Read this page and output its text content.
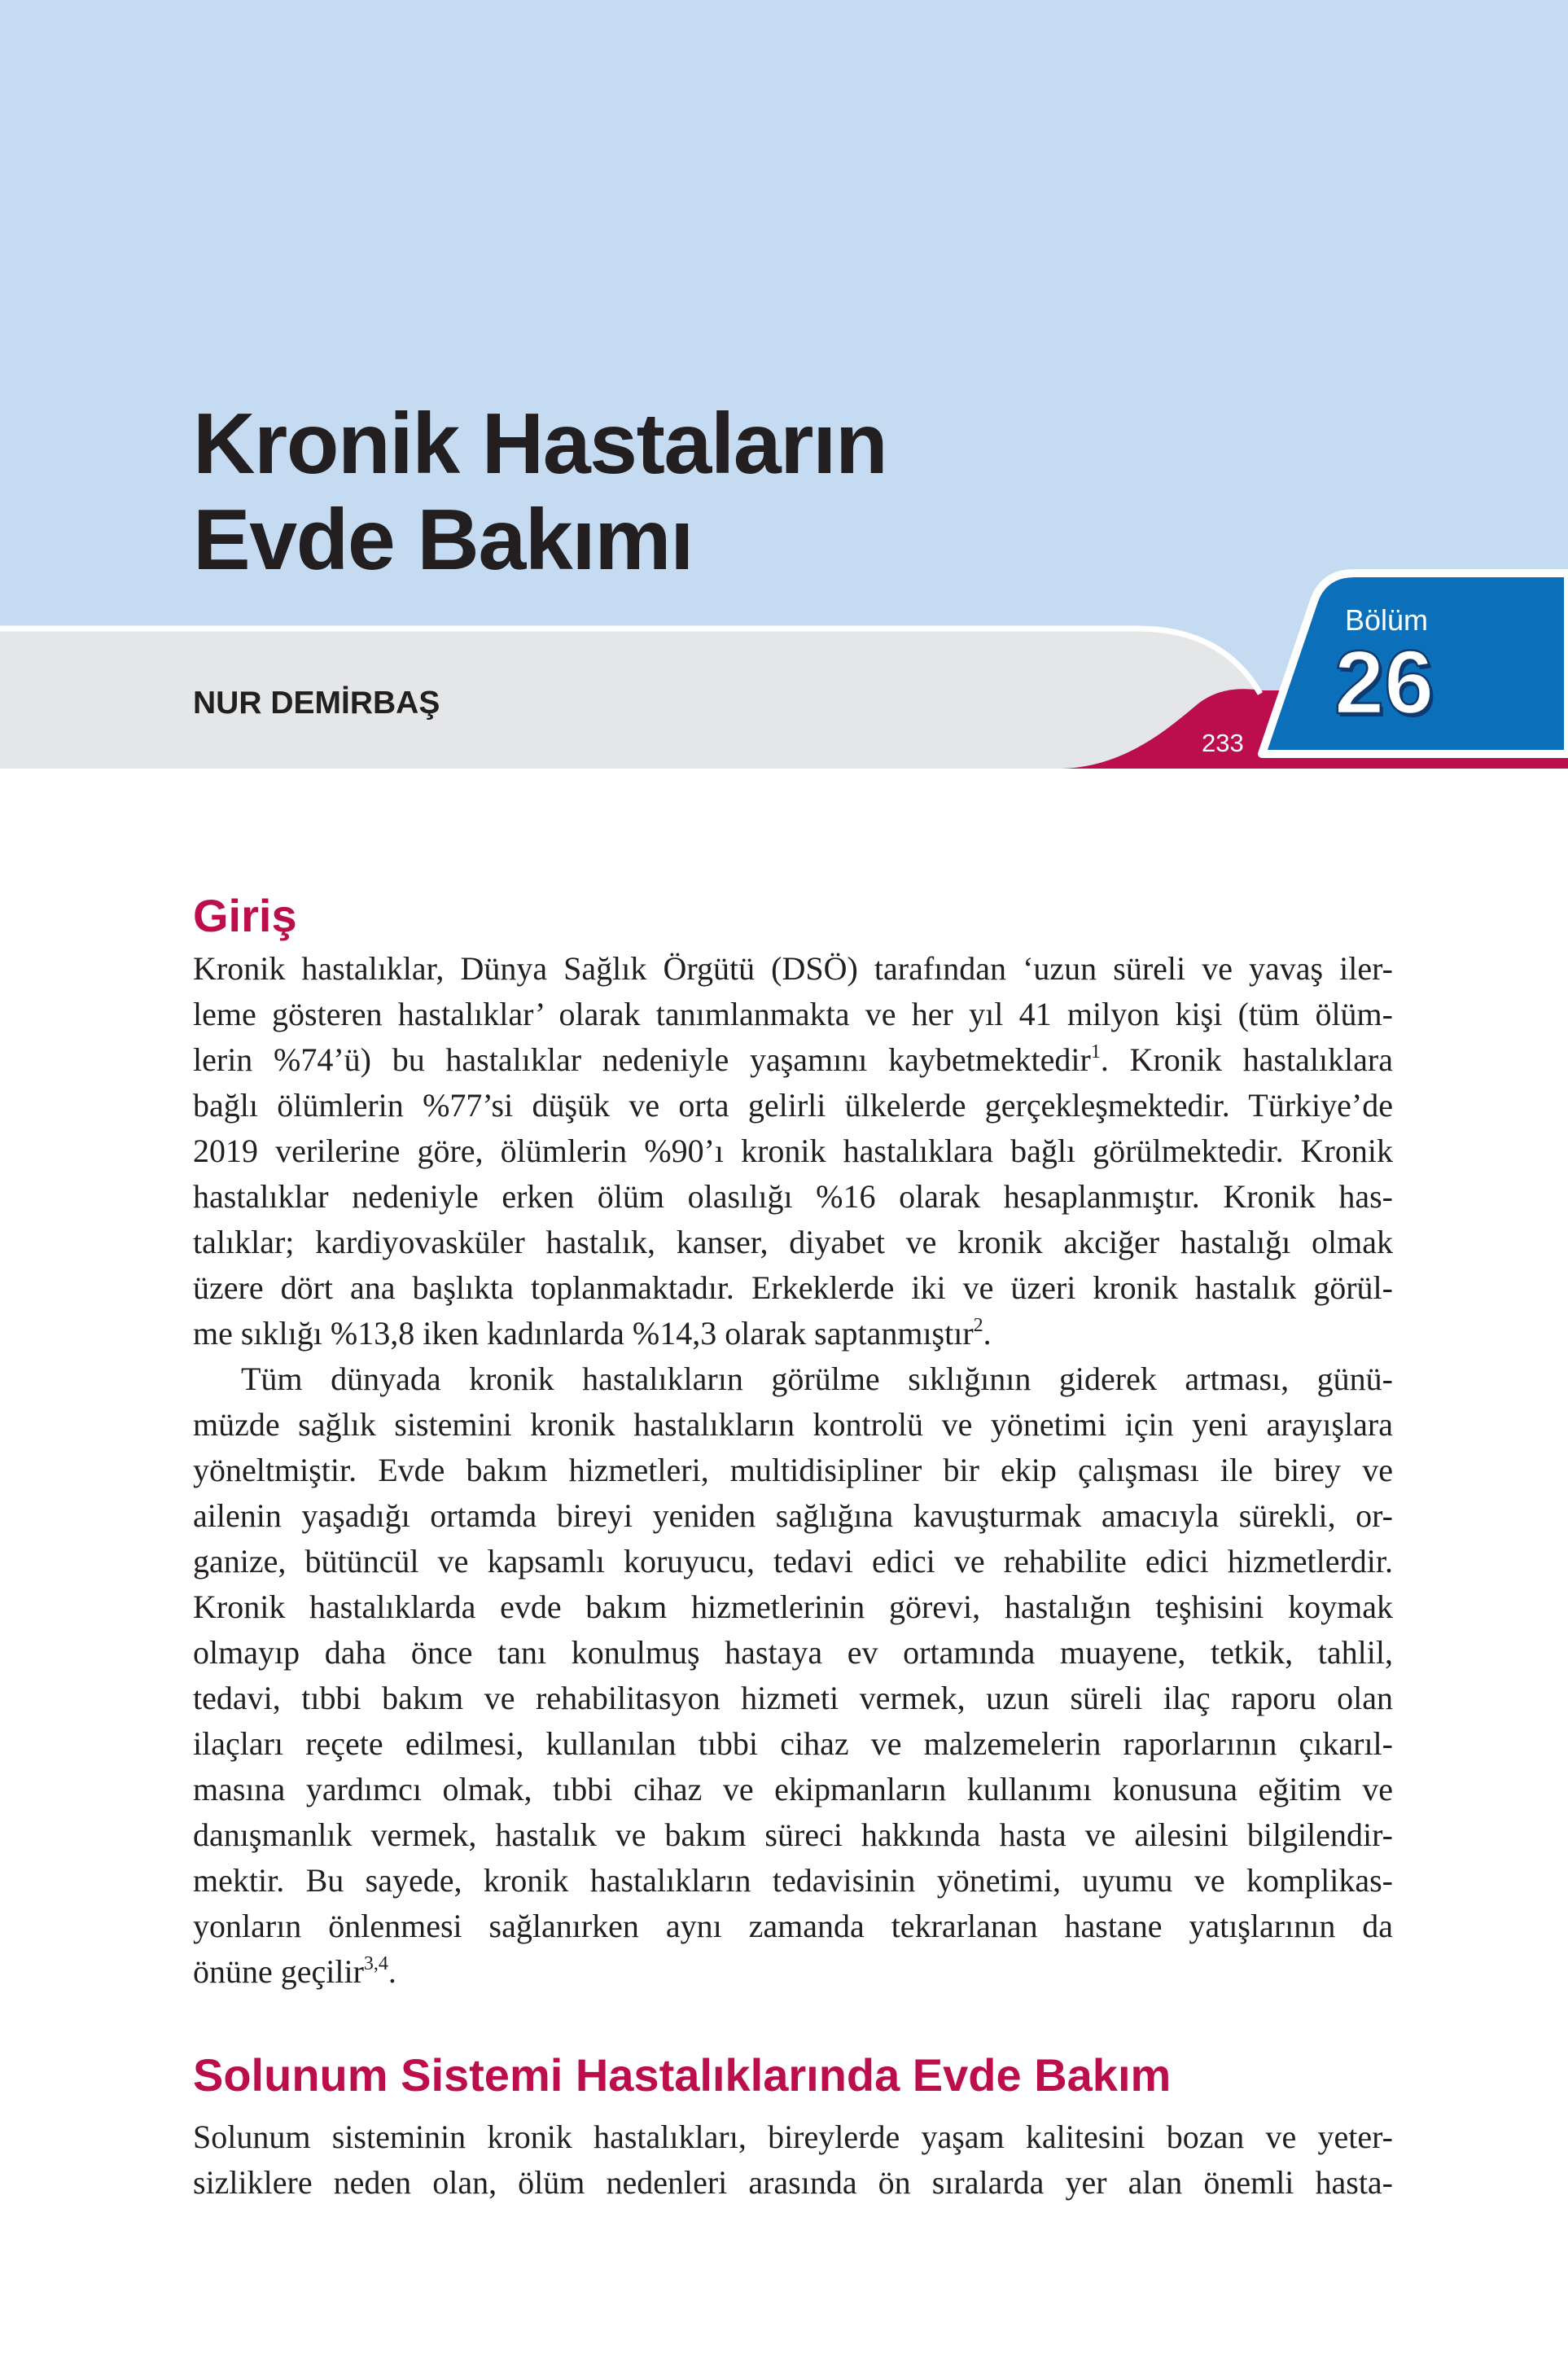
Kronik Hastaların
Evde Bakımı
NUR DEMİRBAŞ
Bölüm
26
233
Giriş
Kronik hastalıklar, Dünya Sağlık Örgütü (DSÖ) tarafından ‘uzun süreli ve yavaş iler-
leme gösteren hastalıklar’ olarak tanımlanmakta ve her yıl 41 milyon kişi (tüm ölüm-
lerin %74’ü) bu hastalıklar nedeniyle yaşamını kaybetmektedir$^1$. Kronik hastalıklara
bağlı ölümlerin %77’si düşük ve orta gelirli ülkelerde gerçekleşmektedir. Türkiye’de
2019 verilerine göre, ölümlerin %90’ı kronik hastalıklara bağlı görülmektedir. Kronik
hastalıklar nedeniyle erken ölüm olasılığı %16 olarak hesaplanmıştır. Kronik has-
talıklar; kardiyovasküler hastalık, kanser, diyabet ve kronik akciğer hastalığı olmak
üzere dört ana başlıkta toplanmaktadır. Erkeklerde iki ve üzeri kronik hastalık görül-
me sıklığı %13,8 iken kadınlarda %14,3 olarak saptanmıştır$^2$.
Tüm dünyada kronik hastalıkların görülme sıklığının giderek artması, günü-
müzde sağlık sistemini kronik hastalıkların kontrolü ve yönetimi için yeni arayışlara
yöneltmiştir. Evde bakım hizmetleri, multidisipliner bir ekip çalışması ile birey ve
ailenin yaşadığı ortamda bireyi yeniden sağlığına kavuşturmak amacıyla sürekli, or-
ganize, bütüncül ve kapsamlı koruyucu, tedavi edici ve rehabilite edici hizmetlerdir.
Kronik hastalıklarda evde bakım hizmetlerinin görevi, hastalığın teşhisini koymak
olmayıp daha önce tanı konulmuş hastaya ev ortamında muayene, tetkik, tahlil,
tedavi, tıbbi bakım ve rehabilitasyon hizmeti vermek, uzun süreli ilaç raporu olan
ilaçları reçete edilmesi, kullanılan tıbbi cihaz ve malzemelerin raporlarının çıkarıl-
masına yardımcı olmak, tıbbi cihaz ve ekipmanların kullanımı konusuna eğitim ve
danışmanlık vermek, hastalık ve bakım süreci hakkında hasta ve ailesini bilgilendir-
mektir. Bu sayede, kronik hastalıkların tedavisinin yönetimi, uyumu ve komplikas-
yonların önlenmesi sağlanırken aynı zamanda tekrarlanan hastane yatışlarının da
önüne geçilir$^{3,4}$.
Solunum Sistemi Hastalıklarında Evde Bakım
Solunum sisteminin kronik hastalıkları, bireylerde yaşam kalitesini bozan ve yeter-
sizliklere neden olan, ölüm nedenleri arasında ön sıralarda yer alan önemli hasta-
